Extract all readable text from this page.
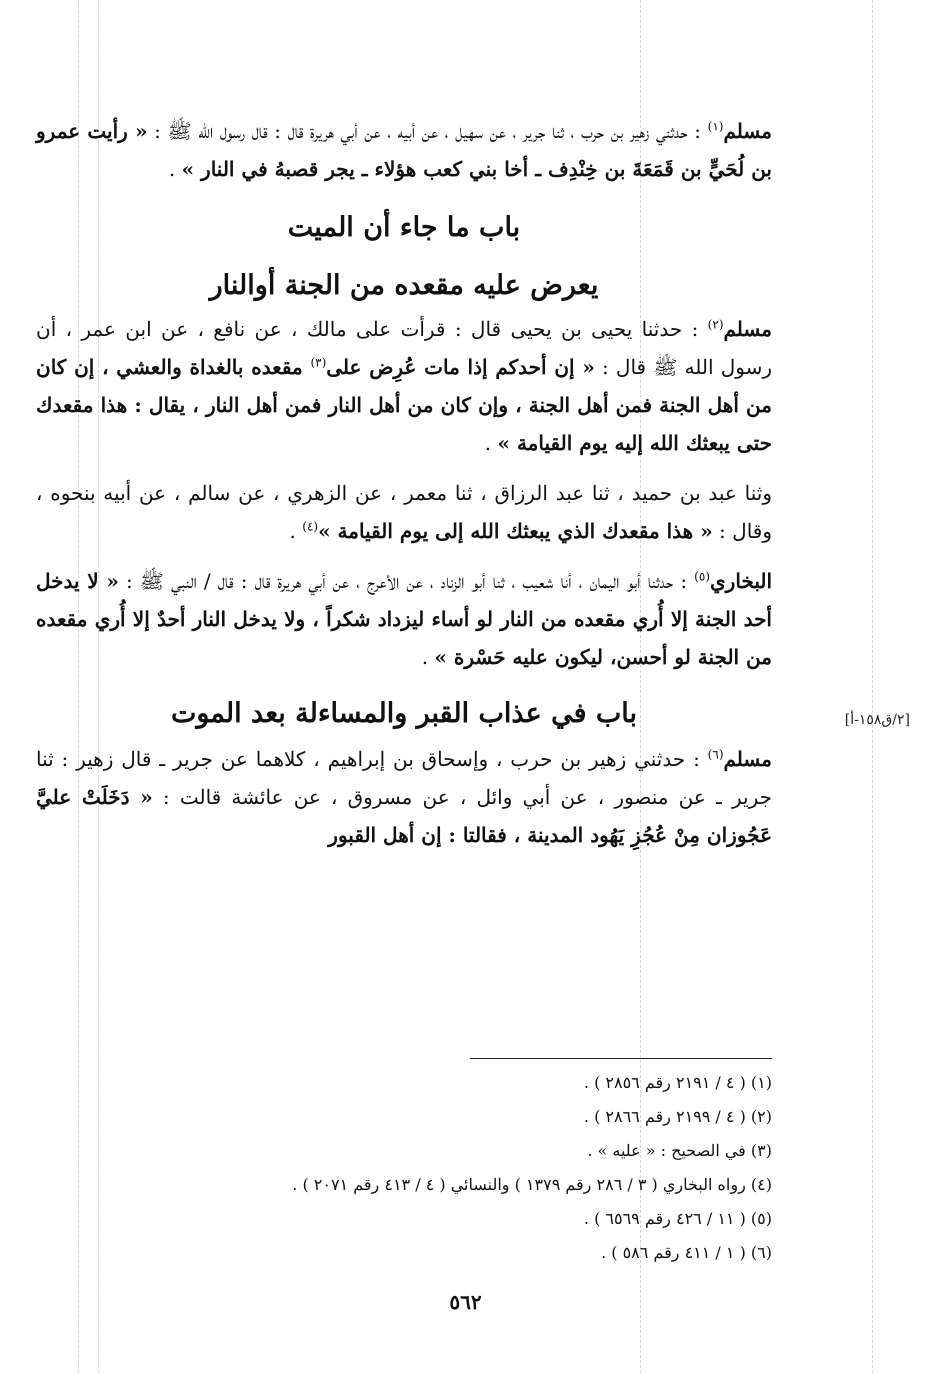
مسلم$^{(١)}$ : حدثني زهير بن حرب ، ثنا جرير ، عن سهيل ، عن أبيه ، عن أبي هريرة قال : قال رسول الله ﷺ : « رأيت عمرو بن لُحَيٍّ بن قَمَعَةَ بن خِنْدِف ـ أخا بني كعب هؤلاء ـ يجر قصبهُ في النار » .

باب ما جاء أن الميت

يعرض عليه مقعده من الجنة أوالنار

مسلم$^{(٢)}$ : حدثنا يحيى بن يحيى قال : قرأت على مالك ، عن نافع ، عن ابن عمر ، أن رسول الله ﷺ قال : « إن أحدكم إذا مات عُرِض على$^{(٣)}$ مقعده بالغداة والعشي ، إن كان من أهل الجنة فمن أهل الجنة ، وإن كان من أهل النار فمن أهل النار ، يقال : هذا مقعدك حتى يبعثك الله إليه يوم القيامة » .

وثنا عبد بن حميد ، ثنا عبد الرزاق ، ثنا معمر ، عن الزهري ، عن سالم ، عن أبيه بنحوه ، وقال : « هذا مقعدك الذي يبعثك الله إلى يوم القيامة »$^{(٤)}$ .

البخاري$^{(٥)}$ : حدثنا أبو اليمان ، أنا شعيب ، ثنا أبو الزناد ، عن الأعرج ، عن أبي هريرة قال : قال / النبي ﷺ : « لا يدخل أحد الجنة إلا أُري مقعده من النار لو أساء ليزداد شكراً ، ولا يدخل النار أحدٌ إلا أُري مقعده من الجنة لو أحسن، ليكون عليه حَسْرة » .

باب في عذاب القبر والمساءلة بعد الموت

مسلم$^{(٦)}$ : حدثني زهير بن حرب ، وإسحاق بن إبراهيم ، كلاهما عن جرير ـ قال زهير : ثنا جرير ـ عن منصور ، عن أبي وائل ، عن مسروق ، عن عائشة قالت : « دَخَلَتْ عليَّ عَجُوزان مِنْ عُجُزِ يَهُود المدينة ، فقالتا : إن أهل القبور

[٢/ق١٥٨-أ]

(١) ( ٤ / ٢١٩١ رقم ٢٨٥٦ ) .

(٢) ( ٤ / ٢١٩٩ رقم ٢٨٦٦ ) .

(٣) في الصحيح : « عليه » .

(٤) رواه البخاري ( ٣ / ٢٨٦ رقم ١٣٧٩ ) والنسائي ( ٤ / ٤١٣ رقم ٢٠٧١ ) .

(٥) ( ١١ / ٤٢٦ رقم ٦٥٦٩ ) .

(٦) ( ١ / ٤١١ رقم ٥٨٦ ) .

٥٦٢
